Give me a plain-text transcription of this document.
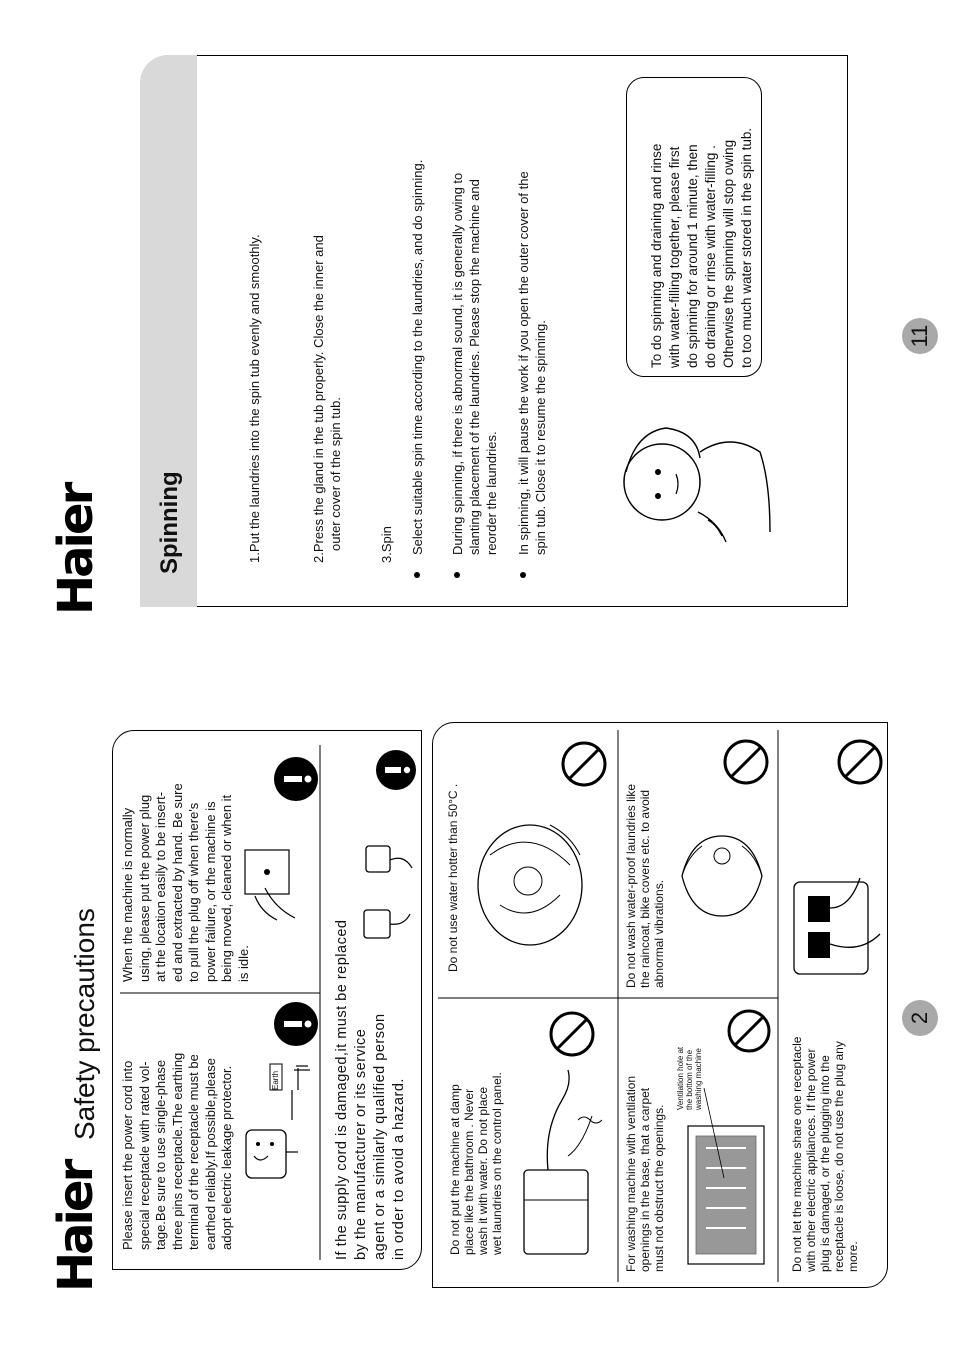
Haier
Safety precautions	2
Please insert the power cord into special receptacle with rated vol- tage.Be sure to use single-phase three pins receptacle.The earthing terminal of the receptacle must be earthed reliably.If possible,please adopt electric leakage protector.
When the machine is normally using, please put the power plug at the location easily to be insert- ed and extracted by hand. Be sure to pull the plug off when there's power failure, or the machine is being moved, cleaned or when it is idle.
Earth	If the supply cord is damaged,it must be replaced by the manufacturer or its service agent or a similarly qualified person in order to avoid a hazard.	Do not put the machine at damp place like the bathroom . Never wash it with water. Do not place wet laundries on the control panel.
Do not use water hotter than 50°C .
For washing machine with ventilation openings in the base, that a carpet must not obstruct the openings.
Ventilation hole at the bottom of the washing machine
Do not wash water-proof laundries like the raincoat, bike covers etc. to avoid abnormal vibrations.
Do not let the machine share one receptacle with other electric appliances. If the power plug is damaged, or the plugging into the receptacle is loose, do not use the plug any more.
Haier
11
Spinning	1.Put the laundries into the spin tub evenly and smoothly.	2.Press the gland in the tub properly. Close the inner and outer cover of the spin tub.	3.Spin Select suitable spin time according to the laundries, and do spinning. During spinning, if there is abnormal sound, it is generally owing to slanting placement of the laundries. Please stop the machine and reorder the laundries. In spinning, it will pause the work if you open the outer cover of the spin tub. Close it to resume the spinning.
To do spinning and draining and rinse with water-filling together, please first do spinning for around 1 minute, then do draining or rinse with water-filling . Otherwise the spinning will stop owing to too much water stored in the spin tub.
